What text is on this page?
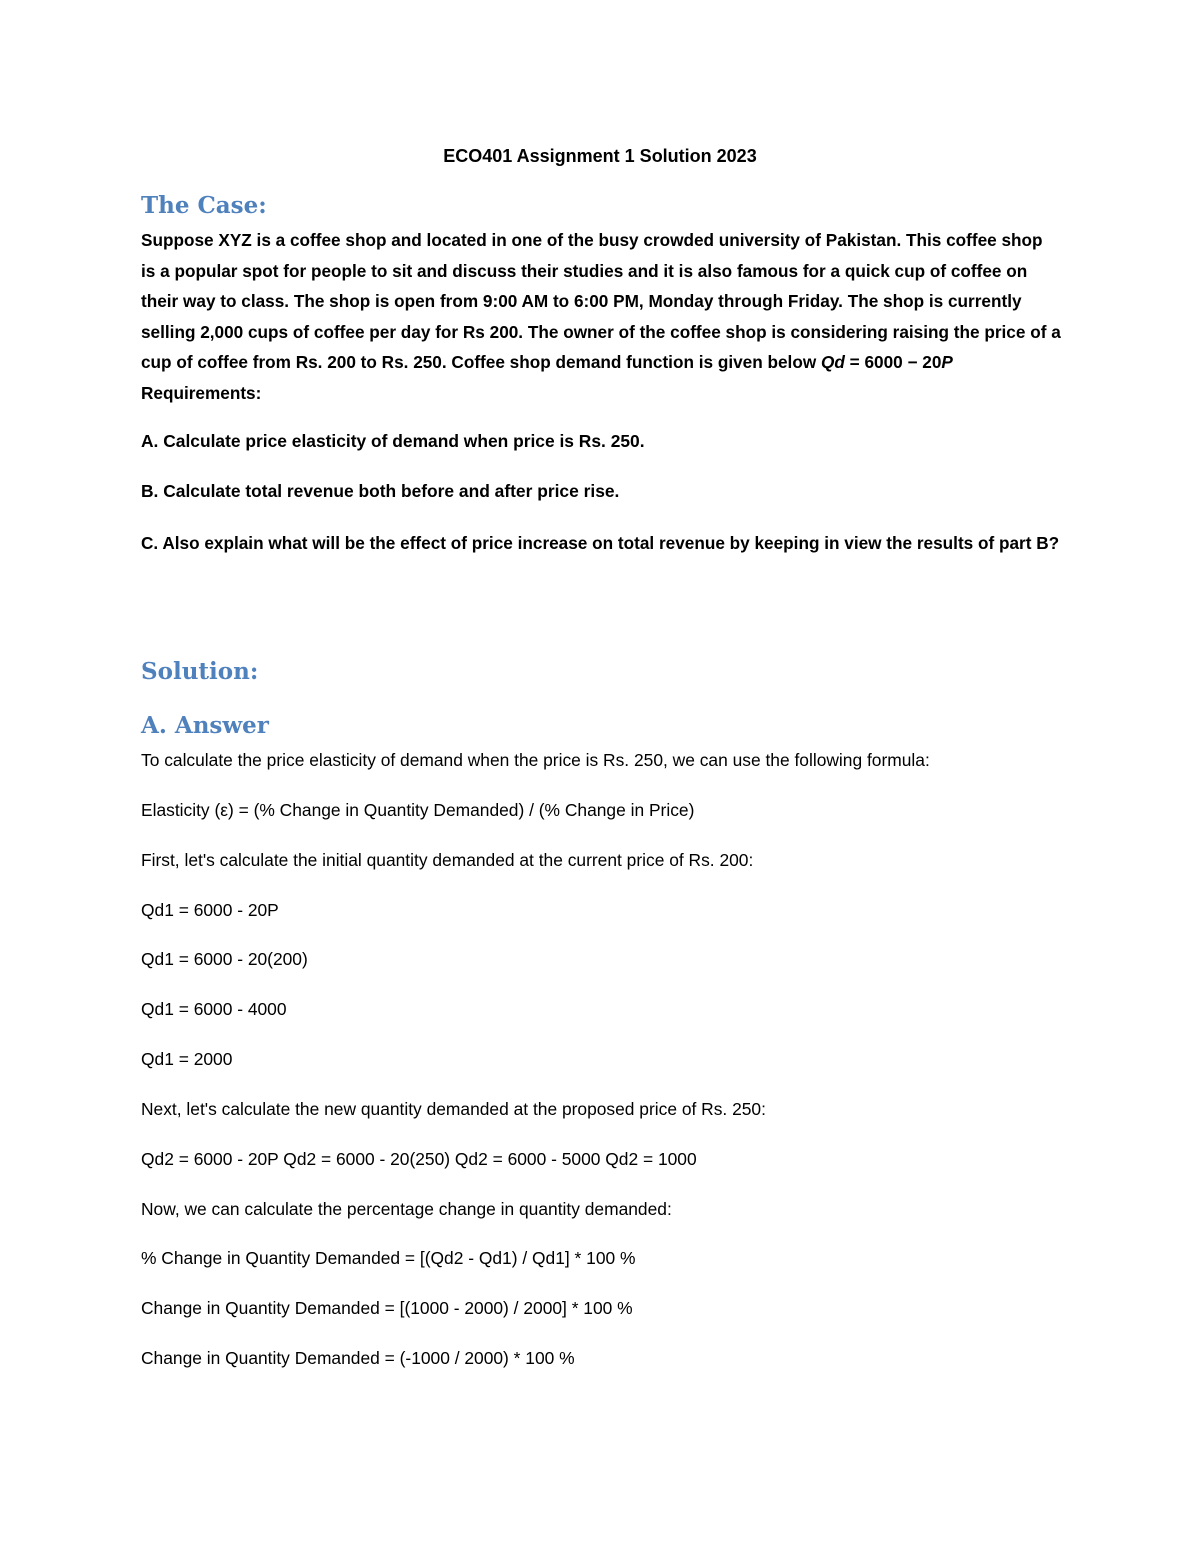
ECO401 Assignment 1 Solution 2023
The Case:
Suppose XYZ is a coffee shop and located in one of the busy crowded university of Pakistan. This coffee shop is a popular spot for people to sit and discuss their studies and it is also famous for a quick cup of coffee on their way to class. The shop is open from 9:00 AM to 6:00 PM, Monday through Friday. The shop is currently selling 2,000 cups of coffee per day for Rs 200. The owner of the coffee shop is considering raising the price of a cup of coffee from Rs. 200 to Rs. 250. Coffee shop demand function is given below Qd = 6000 − 20P Requirements:
A. Calculate price elasticity of demand when price is Rs. 250.
B. Calculate total revenue both before and after price rise.
C. Also explain what will be the effect of price increase on total revenue by keeping in view the results of part B?
Solution:
A. Answer
To calculate the price elasticity of demand when the price is Rs. 250, we can use the following formula:
Elasticity (ε) = (% Change in Quantity Demanded) / (% Change in Price)
First, let's calculate the initial quantity demanded at the current price of Rs. 200:
Qd1 = 6000 - 20P
Qd1 = 6000 - 20(200)
Qd1 = 6000 - 4000
Qd1 = 2000
Next, let's calculate the new quantity demanded at the proposed price of Rs. 250:
Qd2 = 6000 - 20P Qd2 = 6000 - 20(250) Qd2 = 6000 - 5000 Qd2 = 1000
Now, we can calculate the percentage change in quantity demanded:
% Change in Quantity Demanded = [(Qd2 - Qd1) / Qd1] * 100 %
Change in Quantity Demanded = [(1000 - 2000) / 2000] * 100 %
Change in Quantity Demanded = (-1000 / 2000) * 100 %
